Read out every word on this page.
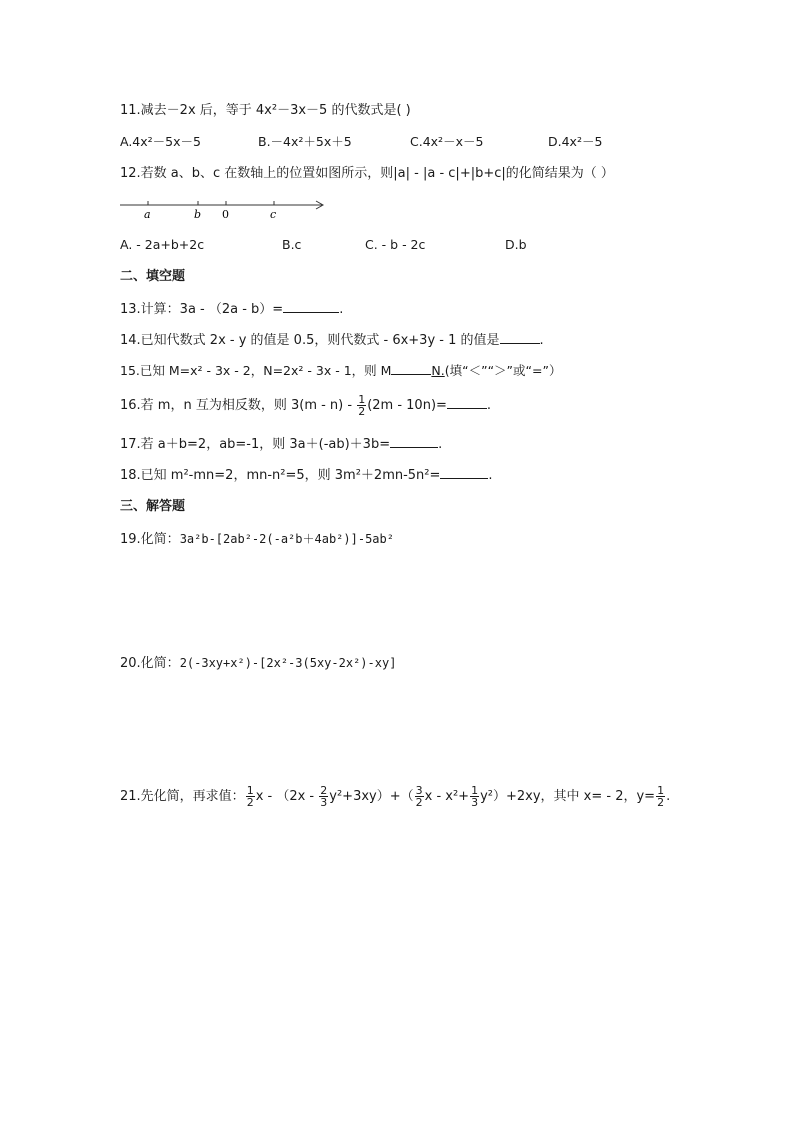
11.减去－2x 后，等于 4x²－3x－5 的代数式是( )
A.4x²－5x－5	B.－4x²＋5x＋5	C.4x²－x－5	D.4x²－5
12.若数 a、b、c 在数轴上的位置如图所示，则|a| - |a - c|+|b+c|的化简结果为（ ）
a	b 0	c
A. - 2a+b+2c	B.c	C. - b - 2c	D.b
二、填空题
13.计算：3a - （2a - b）=	.
14.已知代数式 2x - y 的值是 0.5，则代数式 - 6x+3y - 1 的值是	.
15.已知 M=x² - 3x - 2，N=2x² - 3x - 1，则 M	N.(填“＜”“＞”或“=”）
16.若 m，n 互为相反数，则 $3(m - n) - \frac{1}{2} (2m - 10n)=$	.
17.若 a＋b=2，ab=-1，则 3a＋(-ab)＋3b=	.
18.已知 m²-mn=2，mn-n²=5，则 3m²＋2mn-5n²=	.
三、解答题
19.化简：3a²b-[2ab²-2(-a²b＋4ab²)]-5ab²
20.化简：2(-3xy+x²)-[2x²-3(5xy-2x²)-xy]
21.先化简，再求值： $\frac{1}{2}$ $x - (2x - \frac{2}{3} y^2+3xy)+( \frac{3}{2}$ $x - x^2+ \frac{1}{3} y^2)+2xy$，其中 x= - 2，$y= \frac{1}{2}$ .
